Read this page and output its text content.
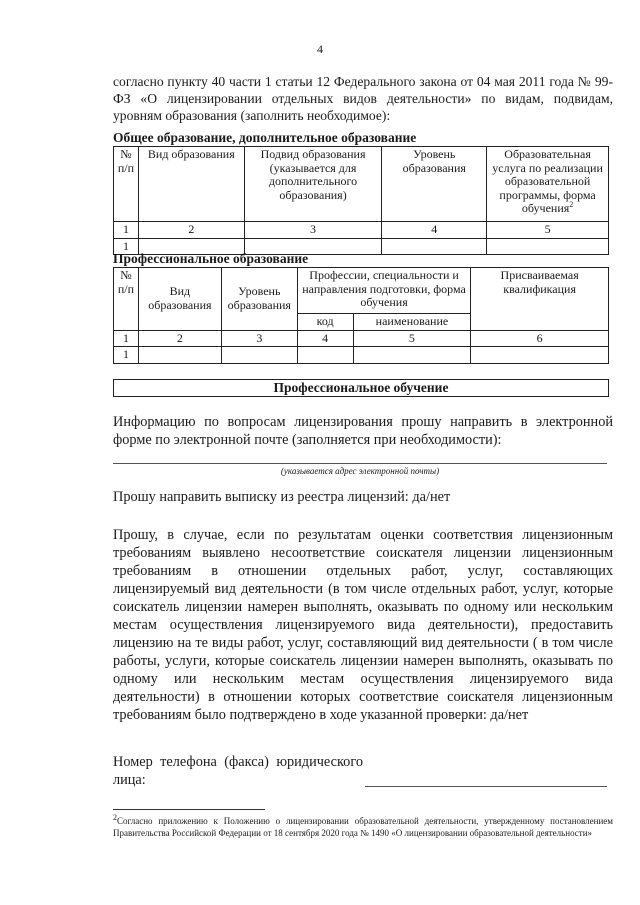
4
согласно пункту 40 части 1 статьи 12 Федерального закона от 04 мая 2011 года № 99-ФЗ «О лицензировании отдельных видов деятельности» по видам, подвидам, уровням образования (заполнить необходимое):
Общее образование, дополнительное образование
№ п/п	Вид образования	Подвид образования (указывается для дополнительного образования)	Уровень образования	Образовательная услуга по реализации образовательной программы, форма обучения$^2$
1	2	3	4	5
1				
Профессиональное образование
№ п/п	Вид образования	Уровень образования	Профессии, специальности и направления подготовки, форма обучения		Присваиваемая квалификация
			код	наименование	
1	2	3	4	5	6
1					
Профессиональное обучение
Информацию по вопросам лицензирования прошу направить в электронной форме по электронной почте (заполняется при необходимости):
(указывается адрес электронной почты)
Прошу направить выписку из реестра лицензий: да/нет
Прошу, в случае, если по результатам оценки соответствия лицензионным требованиям выявлено несоответствие соискателя лицензии лицензионным требованиям в отношении отдельных работ, услуг, составляющих лицензируемый вид деятельности (в том числе отдельных работ, услуг, которые соискатель лицензии намерен выполнять, оказывать по одному или нескольким местам осуществления лицензируемого вида деятельности), предоставить лицензию на те виды работ, услуг, составляющий вид деятельности ( в том числе работы, услуги, которые соискатель лицензии намерен выполнять, оказывать по одному или нескольким местам осуществления лицензируемого вида деятельности) в отношении которых соответствие соискателя лицензионным требованиям было подтверждено в ходе указанной проверки: да/нет
Номер телефона (факса) юридического лица:
$^2$Согласно приложению к Положению о лицензировании образовательной деятельности, утвержденному постановлением Правительства Российской Федерации от 18 сентября 2020 года № 1490 «О лицензировании образовательной деятельности»
